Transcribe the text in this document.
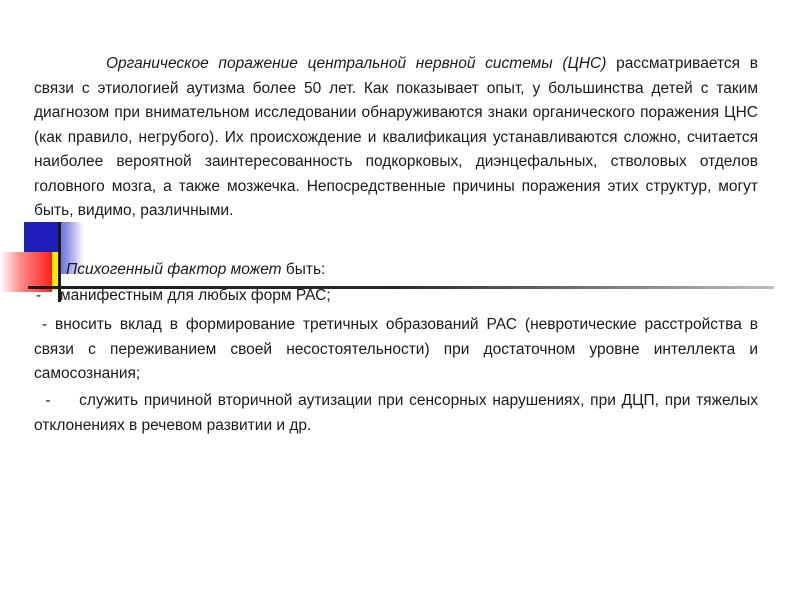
Органическое поражение центральной нервной системы (ЦНС) рассматривается в связи с этиологией аутизма более 50 лет. Как показывает опыт, у большинства детей с таким диагнозом при внимательном исследовании обнаруживаются знаки органического поражения ЦНС (как правило, негрубого). Их происхождение и квалификация устанавливаются сложно, считается наиболее вероятной заинтересованность подкорковых, диэнцефальных, стволовых отделов головного мозга, а также мозжечка. Непосредственные причины поражения этих структур, могут быть, видимо, различными.

Психогенный фактор может быть:

- манифестным для любых форм РАС;

- вносить вклад в формирование третичных образований РАС (невротические расстройства в связи с переживанием своей несостоятельности) при достаточном уровне интеллекта и самосознания;

-     служить причиной вторичной аутизации при сенсорных нарушениях, при ДЦП, при тяжелых отклонениях в речевом развитии и др.
